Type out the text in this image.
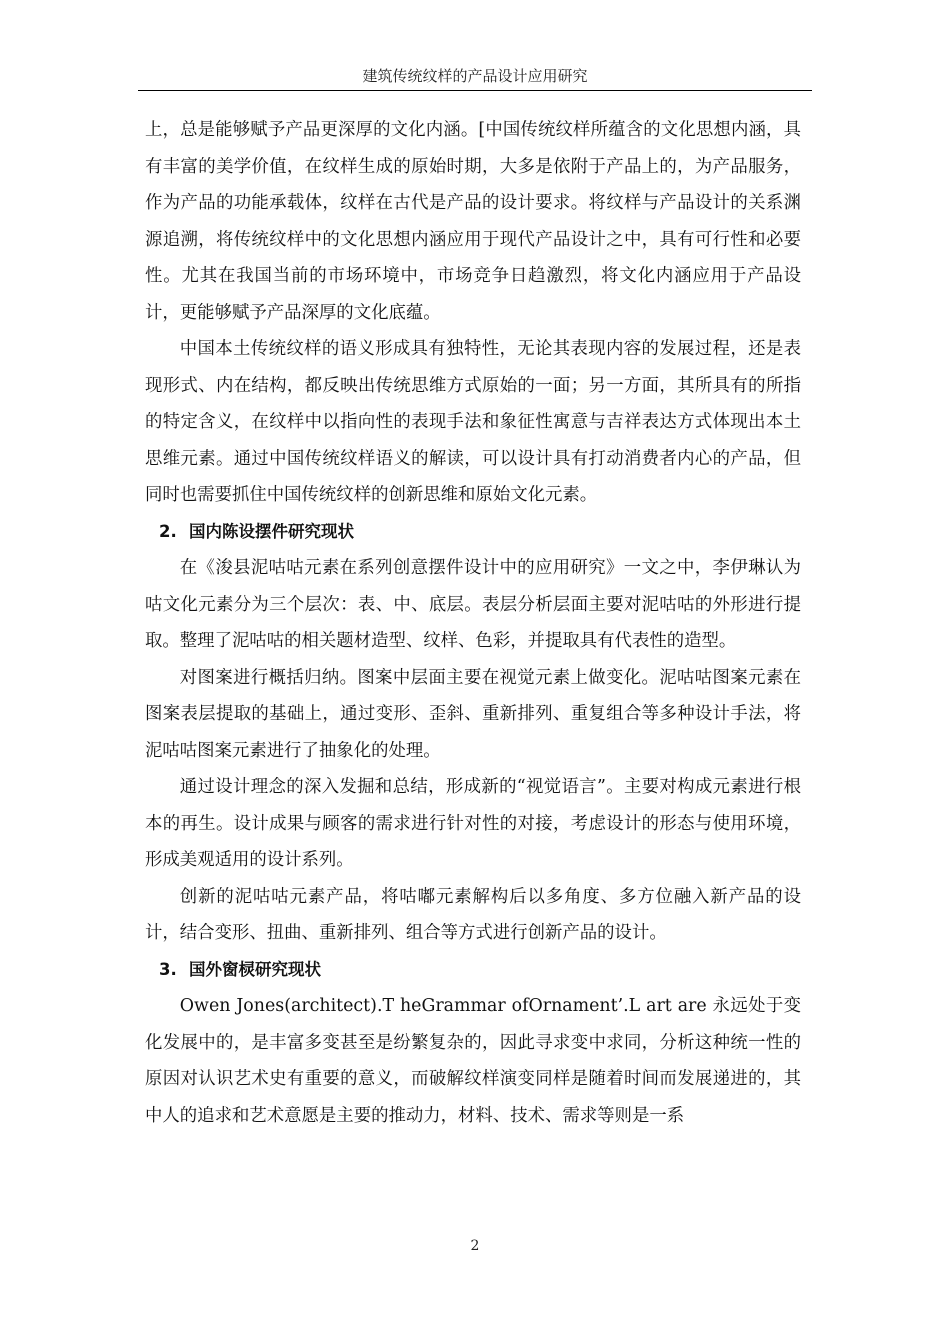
建筑传统纹样的产品设计应用研究

上，总是能够赋予产品更深厚的文化内涵。[中国传统纹样所蕴含的文化思想内涵，具有丰富的美学价值，在纹样生成的原始时期，大多是依附于产品上的，为产品服务，作为产品的功能承载体，纹样在古代是产品的设计要求。将纹样与产品设计的关系渊源追溯，将传统纹样中的文化思想内涵应用于现代产品设计之中，具有可行性和必要性。尤其在我国当前的市场环境中，市场竞争日趋激烈，将文化内涵应用于产品设计，更能够赋予产品深厚的文化底蕴。

中国本土传统纹样的语义形成具有独特性，无论其表现内容的发展过程，还是表现形式、内在结构，都反映出传统思维方式原始的一面；另一方面，其所具有的所指的特定含义，在纹样中以指向性的表现手法和象征性寓意与吉祥表达方式体现出本土思维元素。通过中国传统纹样语义的解读，可以设计具有打动消费者内心的产品，但同时也需要抓住中国传统纹样的创新思维和原始文化元素。

2. 国内陈设摆件研究现状

在《浚县泥咕咕元素在系列创意摆件设计中的应用研究》一文之中，李伊琳认为咕文化元素分为三个层次：表、中、底层。表层分析层面主要对泥咕咕的外形进行提取。整理了泥咕咕的相关题材造型、纹样、色彩，并提取具有代表性的造型。

对图案进行概括归纳。图案中层面主要在视觉元素上做变化。泥咕咕图案元素在图案表层提取的基础上，通过变形、歪斜、重新排列、重复组合等多种设计手法，将泥咕咕图案元素进行了抽象化的处理。

通过设计理念的深入发掘和总结，形成新的“视觉语言”。主要对构成元素进行根本的再生。设计成果与顾客的需求进行针对性的对接，考虑设计的形态与使用环境，形成美观适用的设计系列。

创新的泥咕咕元素产品，将咕嘟元素解构后以多角度、多方位融入新产品的设计，结合变形、扭曲、重新排列、组合等方式进行创新产品的设计。

3. 国外窗棂研究现状

Owen Jones(architect).T heGrammar ofOrnament’.L art are 永远处于变化发展中的，是丰富多变甚至是纷繁复杂的，因此寻求变中求同，分析这种统一性的原因对认识艺术史有重要的意义，而破解纹样演变同样是随着时间而发展递进的，其中人的追求和艺术意愿是主要的推动力，材料、技术、需求等则是一系

2
